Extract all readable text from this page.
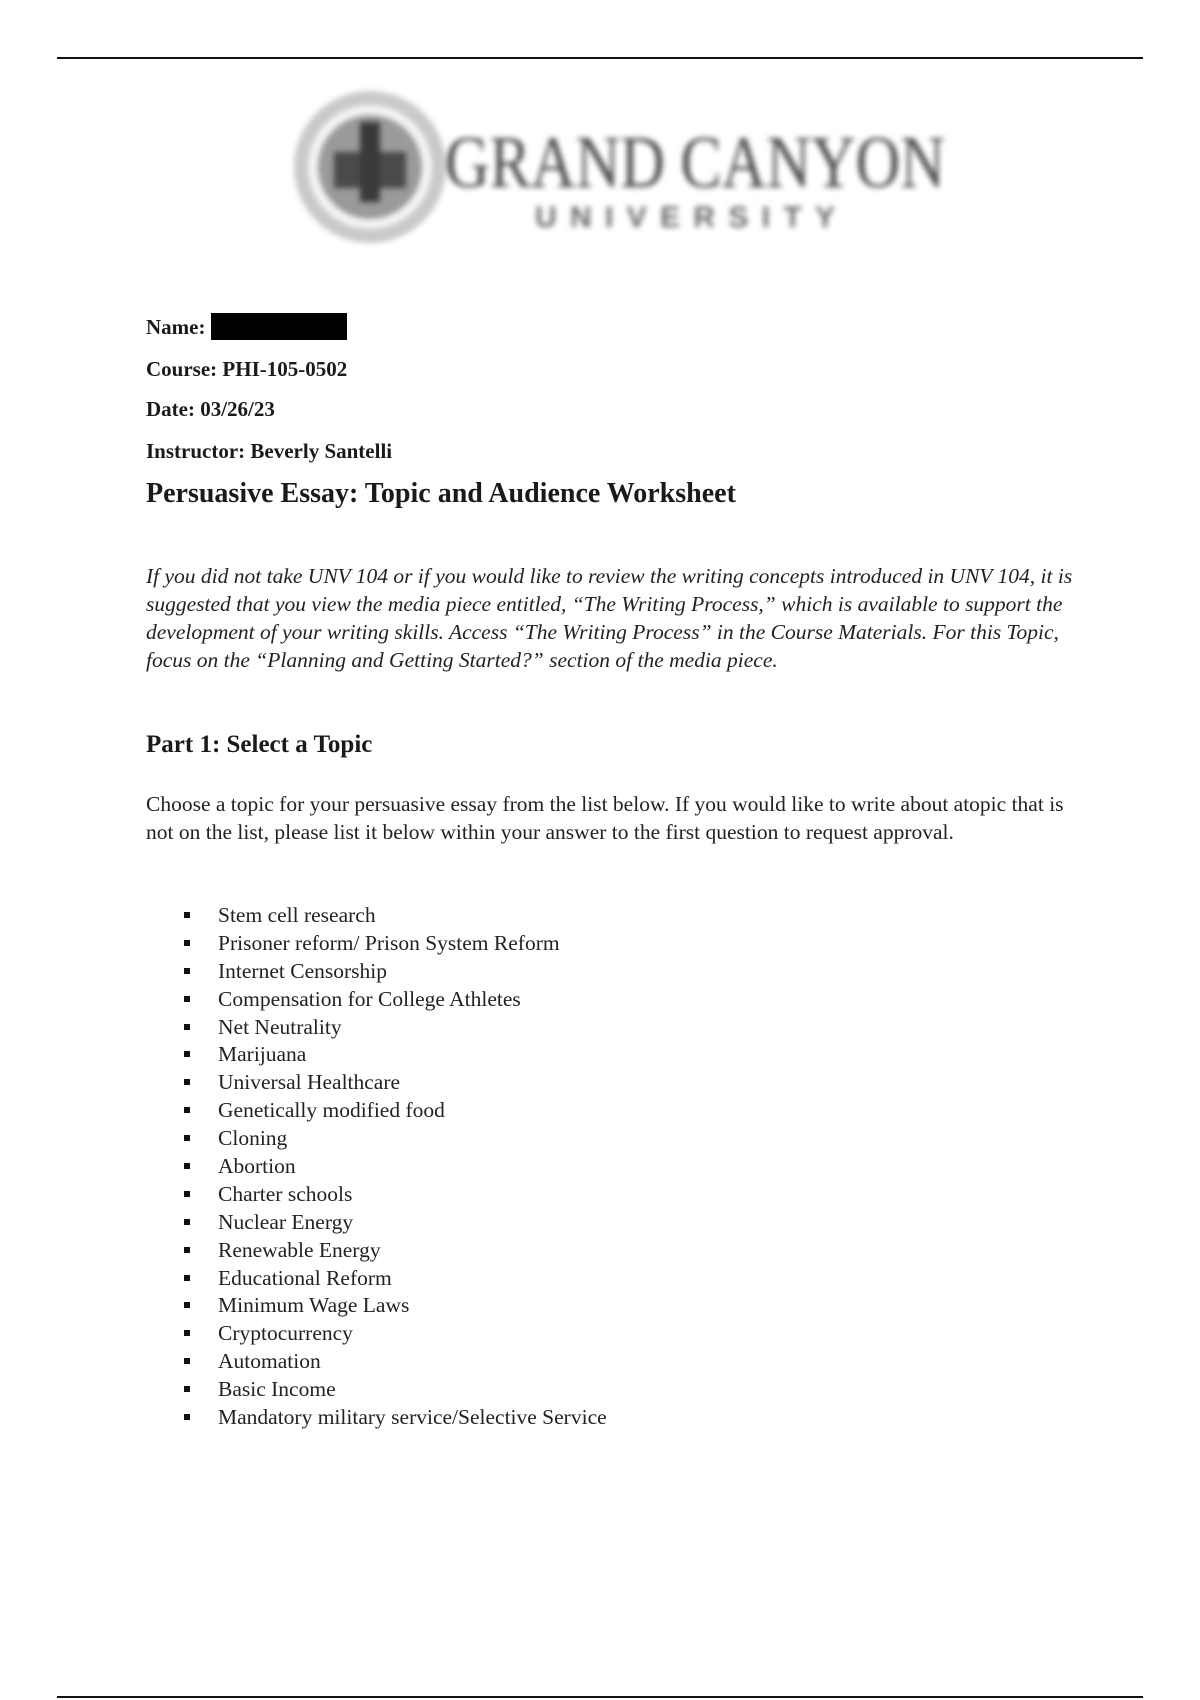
GRAND CANYON
UNIVERSITY
Name:
Course: PHI-105-0502
Date: 03/26/23
Instructor: Beverly Santelli
Persuasive Essay: Topic and Audience Worksheet

If you did not take UNV 104 or if you would like to review the writing concepts introduced in UNV 104, it is suggested that you view the media piece entitled, “The Writing Process,” which is available to support the development of your writing skills. Access “The Writing Process” in the Course Materials. For this Topic, focus on the “Planning and Getting Started?” section of the media piece.

Part 1: Select a Topic

Choose a topic for your persuasive essay from the list below. If you would like to write about atopic that is not on the list, please list it below within your answer to the first question to request approval.

Stem cell research
Prisoner reform/ Prison System Reform
Internet Censorship
Compensation for College Athletes
Net Neutrality
Marijuana
Universal Healthcare
Genetically modified food
Cloning
Abortion
Charter schools
Nuclear Energy
Renewable Energy
Educational Reform
Minimum Wage Laws
Cryptocurrency
Automation
Basic Income
Mandatory military service/Selective Service
